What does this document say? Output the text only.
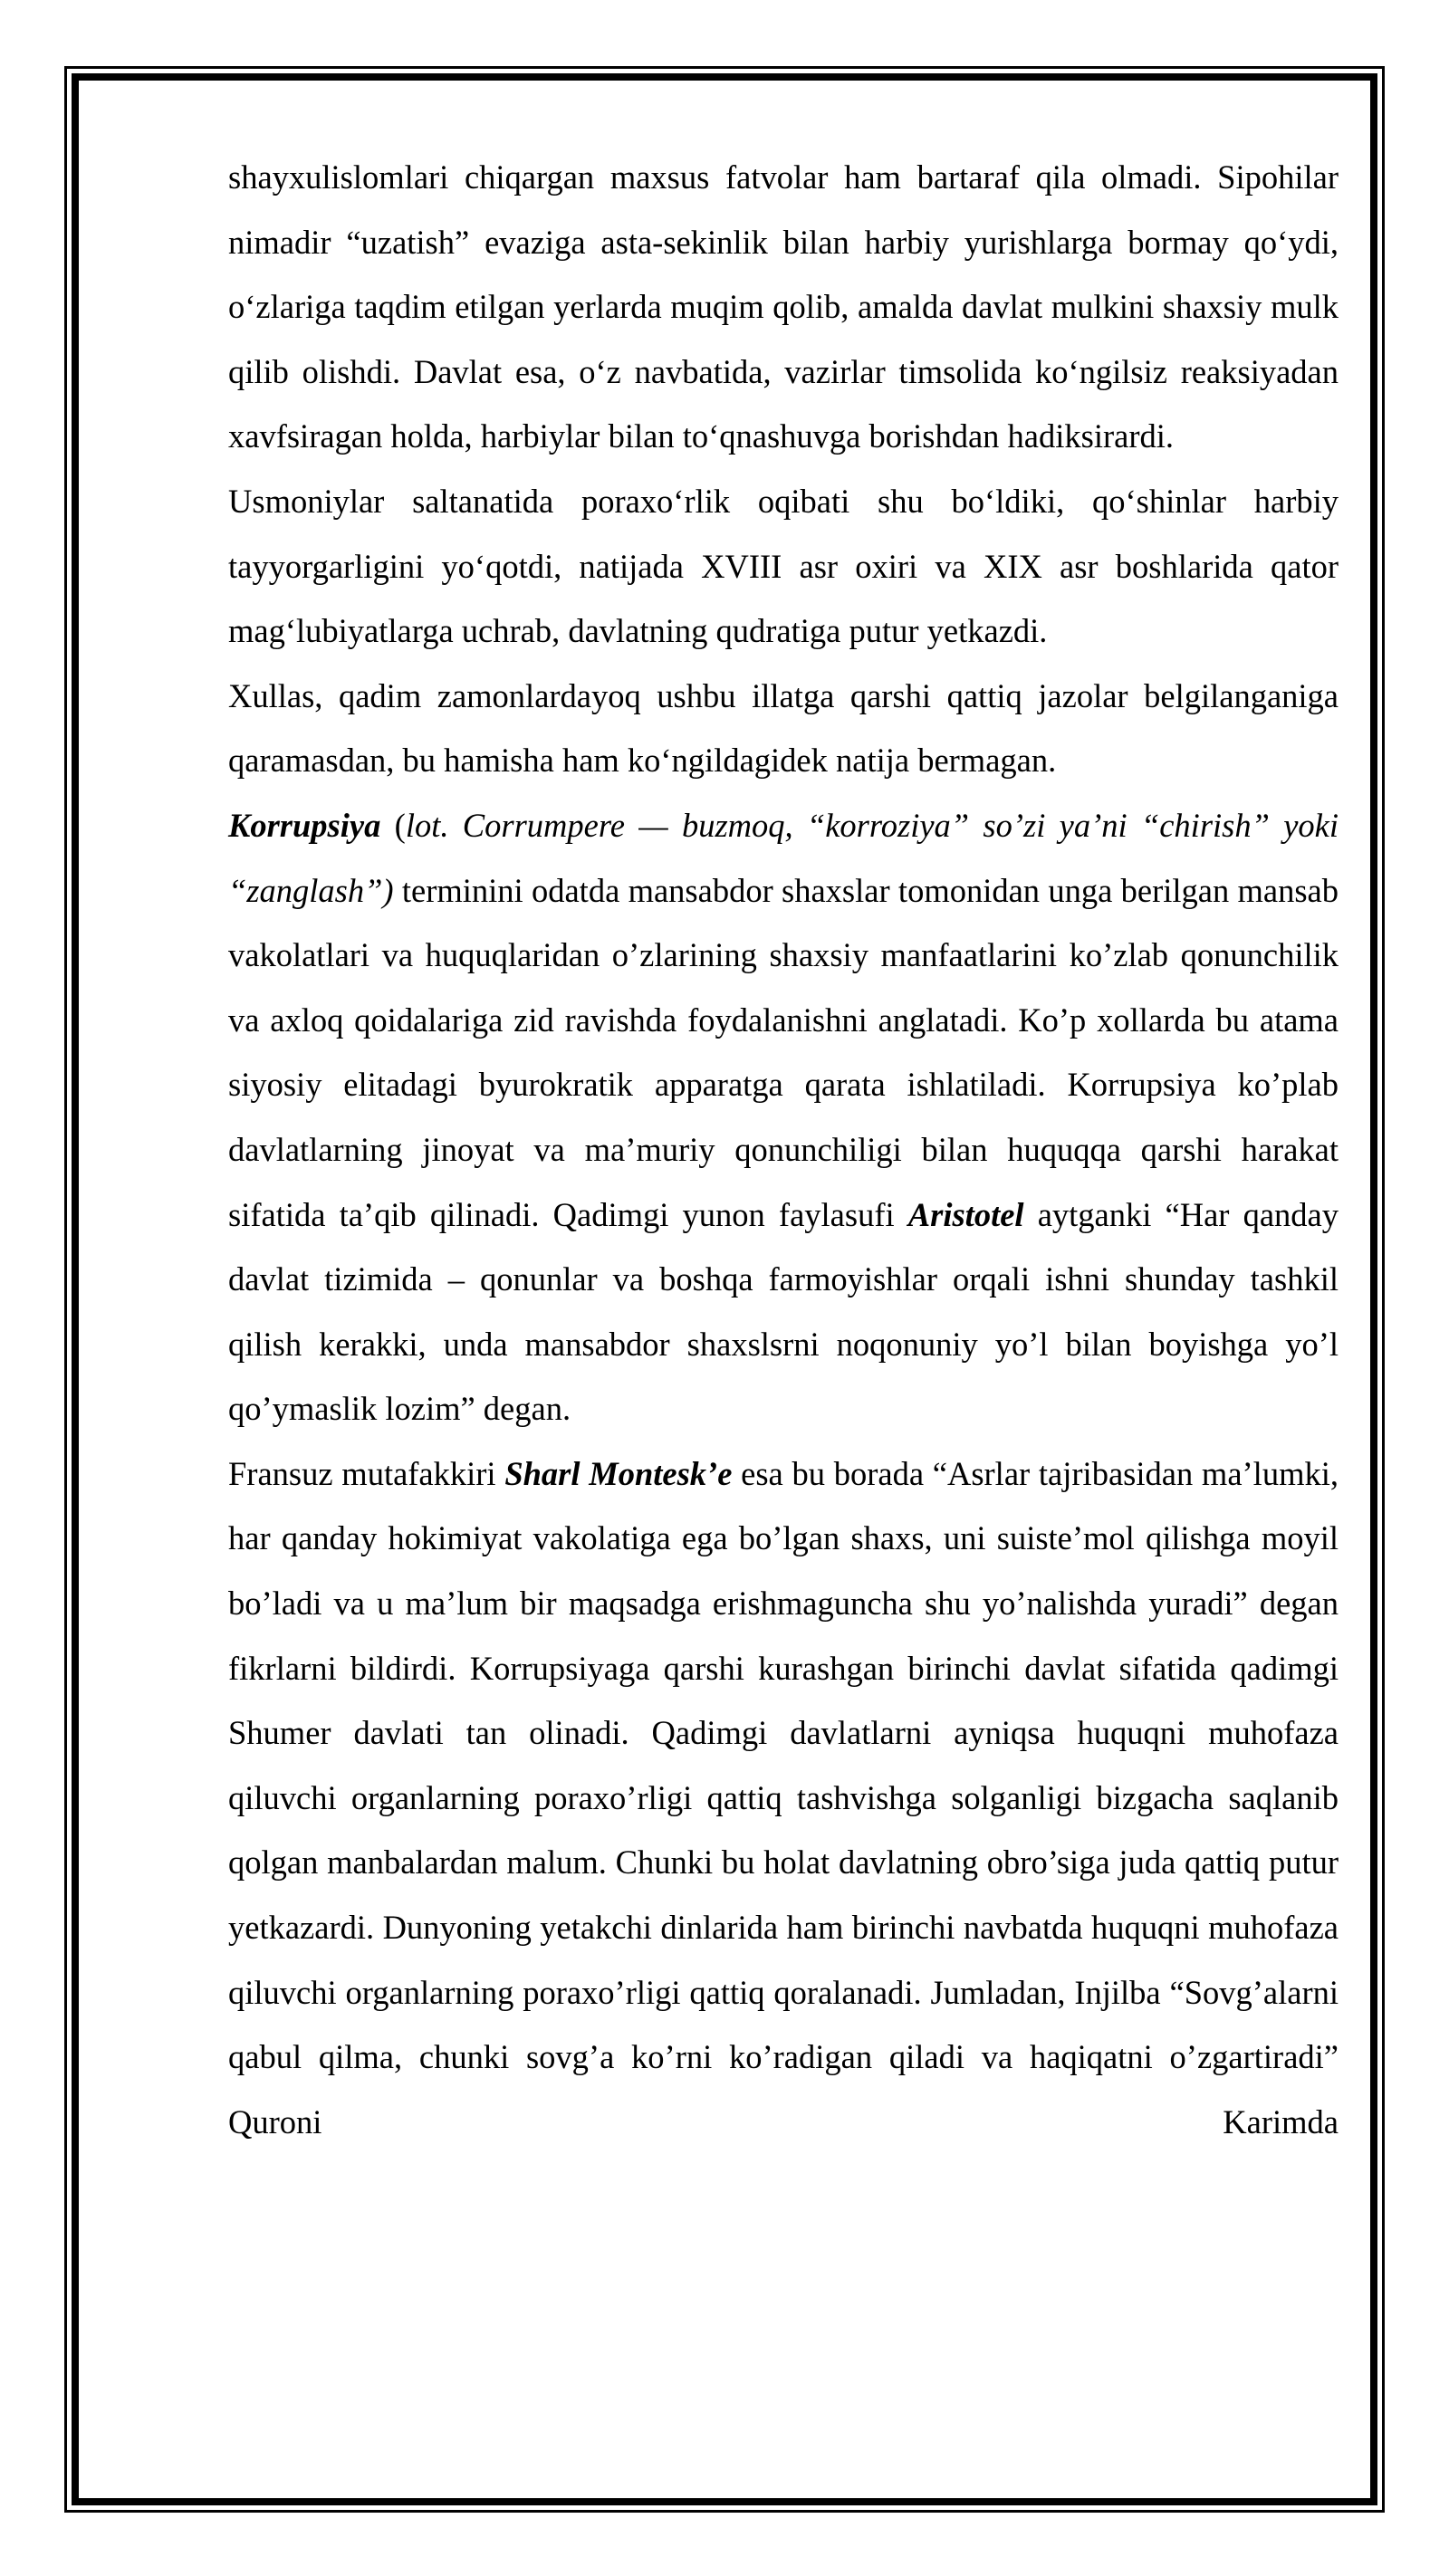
shayxulislomlari chiqargan maxsus fatvolar ham bartaraf qila olmadi. Sipohilar nimadir “uzatish” evaziga asta-sekinlik bilan harbiy yurishlarga bormay qo‘ydi, o‘zlariga taqdim etilgan yerlarda muqim qolib, amalda davlat mulkini shaxsiy mulk qilib olishdi. Davlat esa, o‘z navbatida, vazirlar timsolida ko‘ngilsiz reaksiyadan xavfsiragan holda, harbiylar bilan to‘qnashuvga borishdan hadiksirardi.

Usmoniylar saltanatida poraxo‘rlik oqibati shu bo‘ldiki, qo‘shinlar harbiy tayyorgarligini yo‘qotdi, natijada XVIII asr oxiri va XIX asr boshlarida qator mag‘lubiyatlarga uchrab, davlatning qudratiga putur yetkazdi.

Xullas, qadim zamonlardayoq ushbu illatga qarshi qattiq jazolar belgilanganiga qaramasdan, bu hamisha ham ko‘ngildagidek natija bermagan.

Korrupsiya (lot. Corrumpere — buzmoq, “korroziya” so’zi ya’ni “chirish” yoki “zanglash”) terminini odatda mansabdor shaxslar tomonidan unga berilgan mansab vakolatlari va huquqlaridan o’zlarining shaxsiy manfaatlarini ko’zlab qonunchilik va axloq qoidalariga zid ravishda foydalanishni anglatadi. Ko’p xollarda bu atama siyosiy elitadagi byurokratik apparatga qarata ishlatiladi. Korrupsiya ko’plab davlatlarning jinoyat va ma’muriy qonunchiligi bilan huquqqa qarshi harakat sifatida ta’qib qilinadi. Qadimgi yunon faylasufi Aristotel aytganki “Har qanday davlat tizimida – qonunlar va boshqa farmoyishlar orqali ishni shunday tashkil qilish kerakki, unda mansabdor shaxslsrni noqonuniy yo’l bilan boyishga yo’l qo’ymaslik lozim” degan.

Fransuz mutafakkiri Sharl Montesk’e esa bu borada “Asrlar tajribasidan ma’lumki, har qanday hokimiyat vakolatiga ega bo’lgan shaxs, uni suiste’mol qilishga moyil bo’ladi va u ma’lum bir maqsadga erishmaguncha shu yo’nalishda yuradi” degan fikrlarni bildirdi. Korrupsiyaga qarshi kurashgan birinchi davlat sifatida qadimgi Shumer davlati tan olinadi. Qadimgi davlatlarni ayniqsa huquqni muhofaza qiluvchi organlarning poraxo’rligi qattiq tashvishga solganligi bizgacha saqlanib qolgan manbalardan malum. Chunki bu holat davlatning obro’siga juda qattiq putur yetkazardi. Dunyoning yetakchi dinlarida ham birinchi navbatda huquqni muhofaza qiluvchi organlarning poraxo’rligi qattiq qoralanadi. Jumladan, Injilba “Sovg’alarni qabul qilma, chunki sovg’a ko’rni ko’radigan qiladi va haqiqatni o’zgartiradi” Quroni Karimda
